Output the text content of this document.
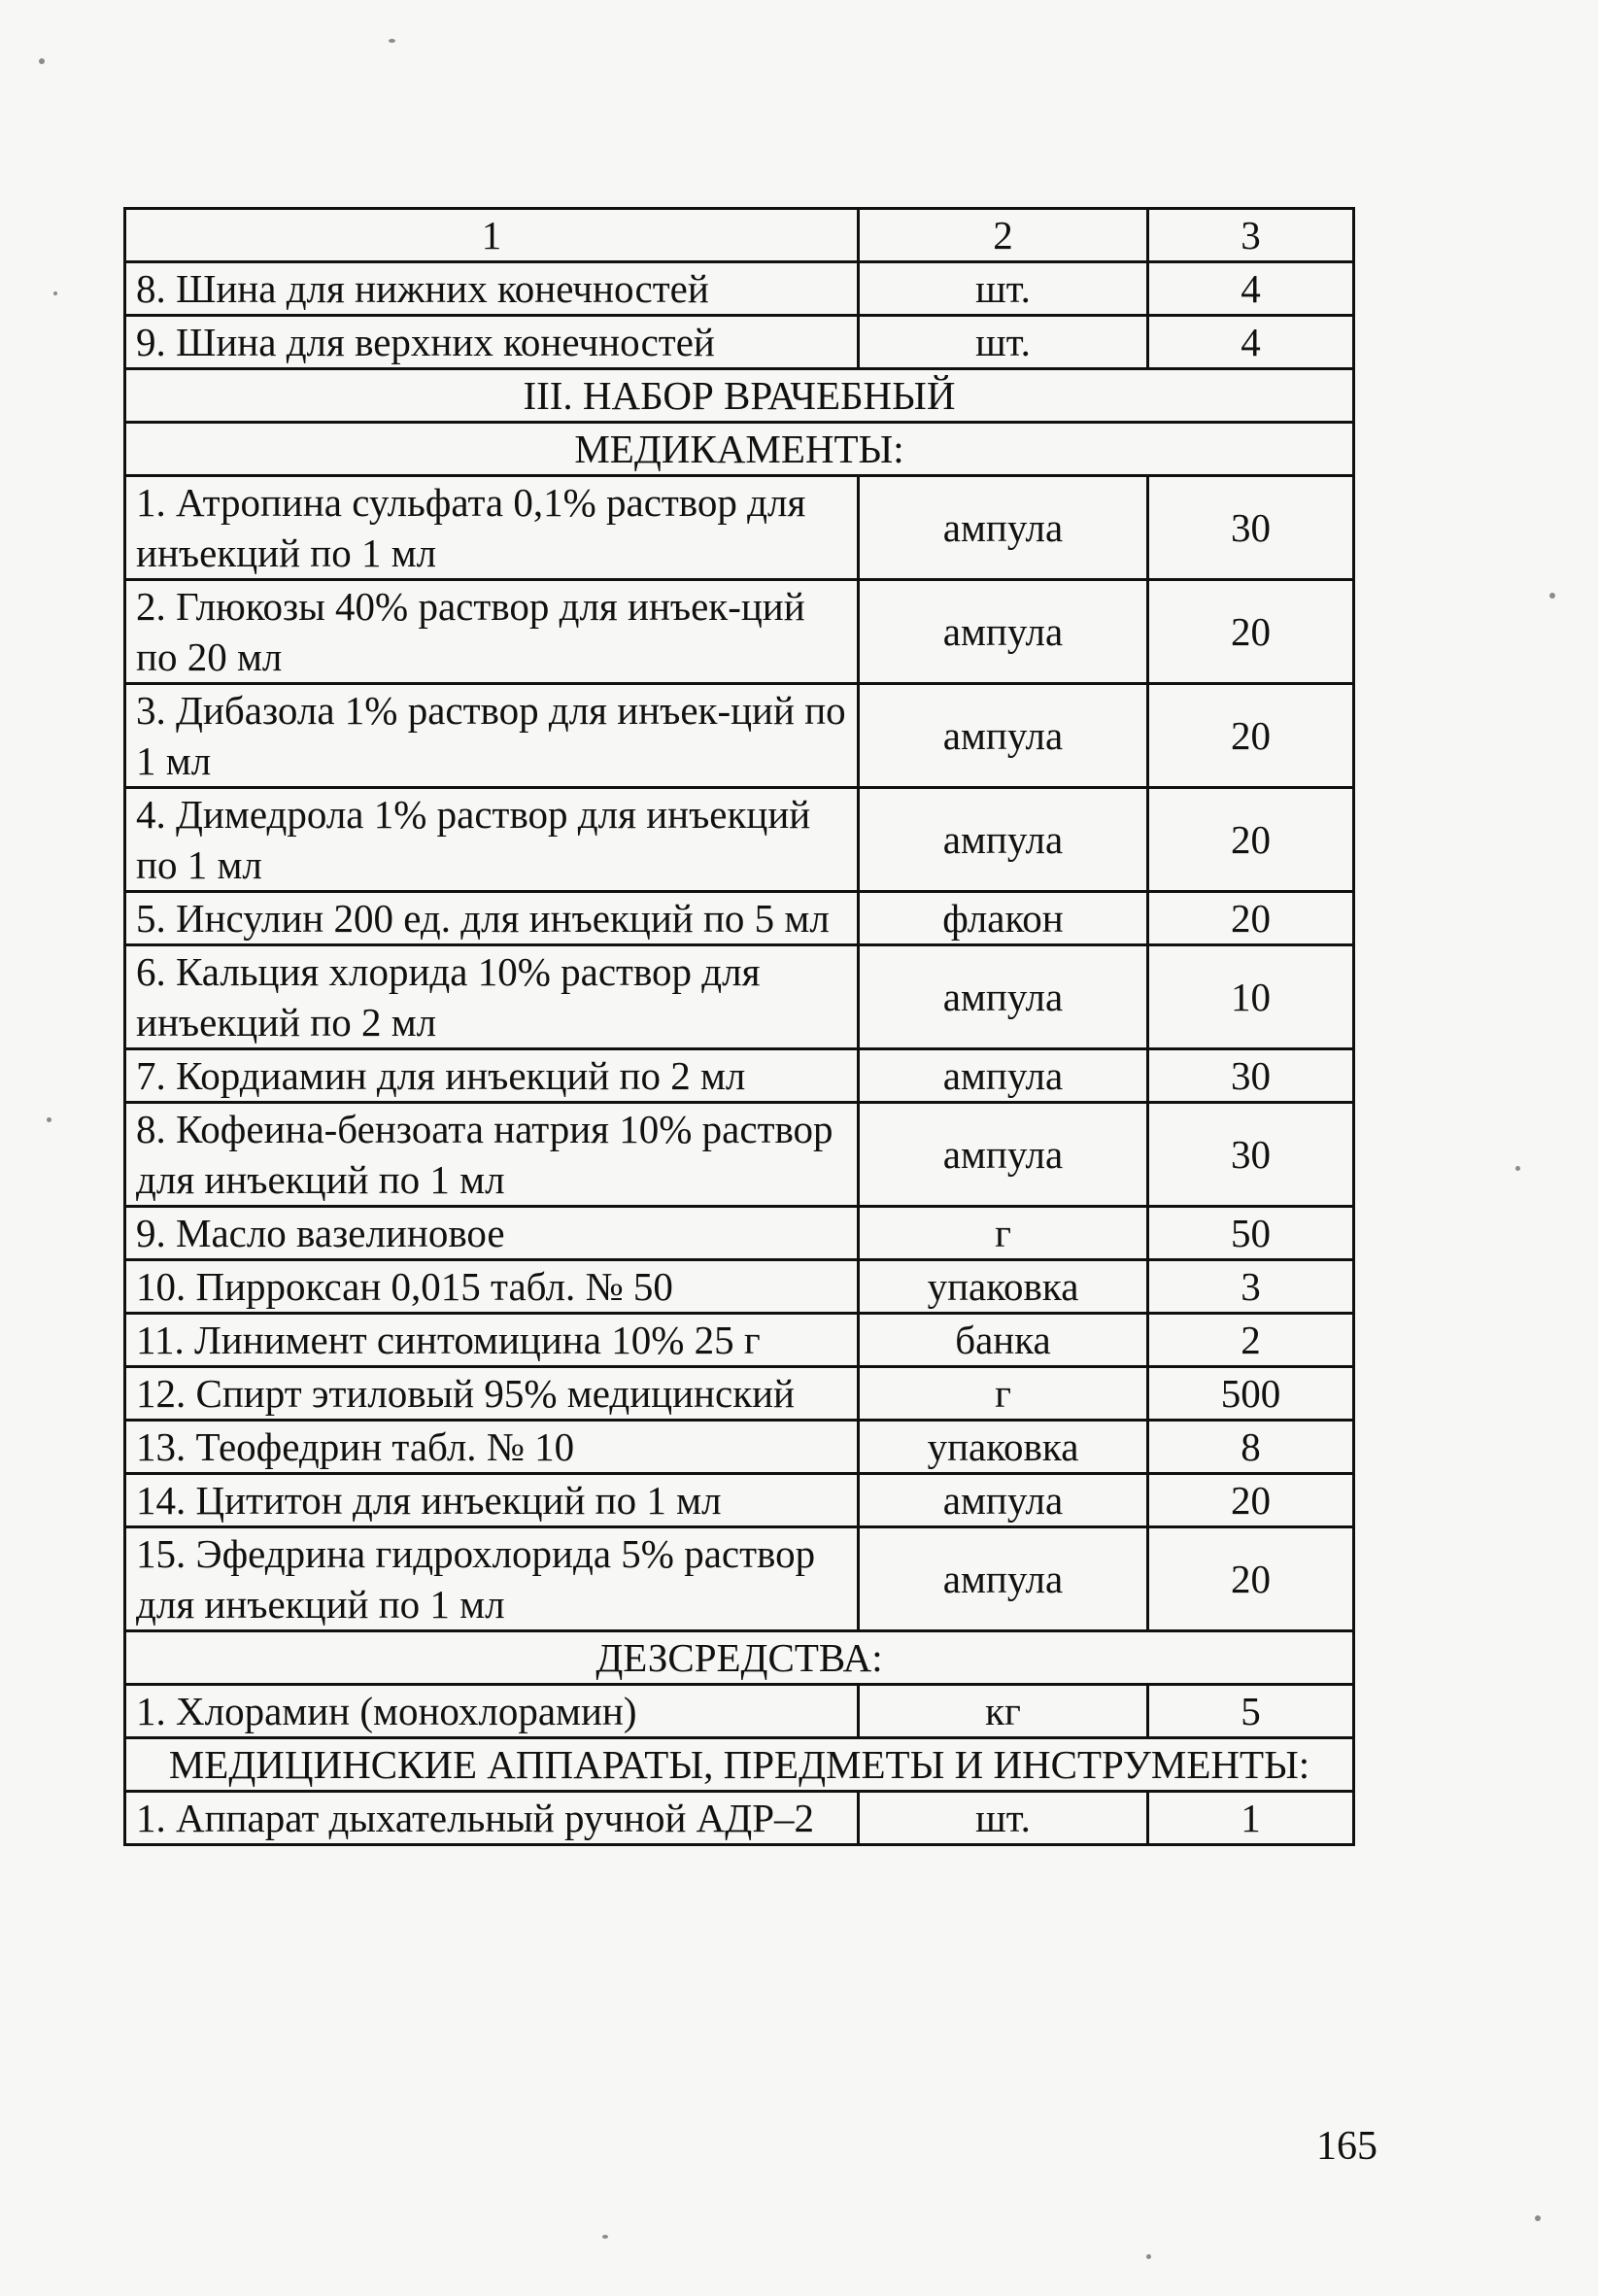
1	2	3
8. Шина для нижних конечностей	шт.	4
9. Шина для верхних конечностей	шт.	4
III. НАБОР ВРАЧЕБНЫЙ		
МЕДИКАМЕНТЫ:		
1. Атропина сульфата 0,1% раствор для инъекций по 1 мл	ампула	30
2. Глюкозы 40% раствор для инъек-ций по 20 мл	ампула	20
3. Дибазола 1% раствор для инъек-ций по 1 мл	ампула	20
4. Димедрола 1% раствор для инъекций по 1 мл	ампула	20
5. Инсулин 200 ед. для инъекций по 5 мл	флакон	20
6. Кальция хлорида 10% раствор для инъекций по 2 мл	ампула	10
7. Кордиамин для инъекций по 2 мл	ампула	30
8. Кофеина-бензоата натрия 10% раствор для инъекций по 1 мл	ампула	30
9. Масло вазелиновое	г	50
10. Пирроксан 0,015 табл. № 50	упаковка	3
11. Линимент синтомицина 10% 25 г	банка	2
12. Спирт этиловый 95% медицинский	г	500
13. Теофедрин табл. № 10	упаковка	8
14. Цититон для инъекций по 1 мл	ампула	20
15. Эфедрина гидрохлорида 5% раствор для инъекций по 1 мл	ампула	20
ДЕЗСРЕДСТВА:		
1. Хлорамин (монохлорамин)	кг	5
МЕДИЦИНСКИЕ АППАРАТЫ, ПРЕДМЕТЫ И ИНСТРУМЕНТЫ:		
1. Аппарат дыхательный ручной АДР–2	шт.	1
165
